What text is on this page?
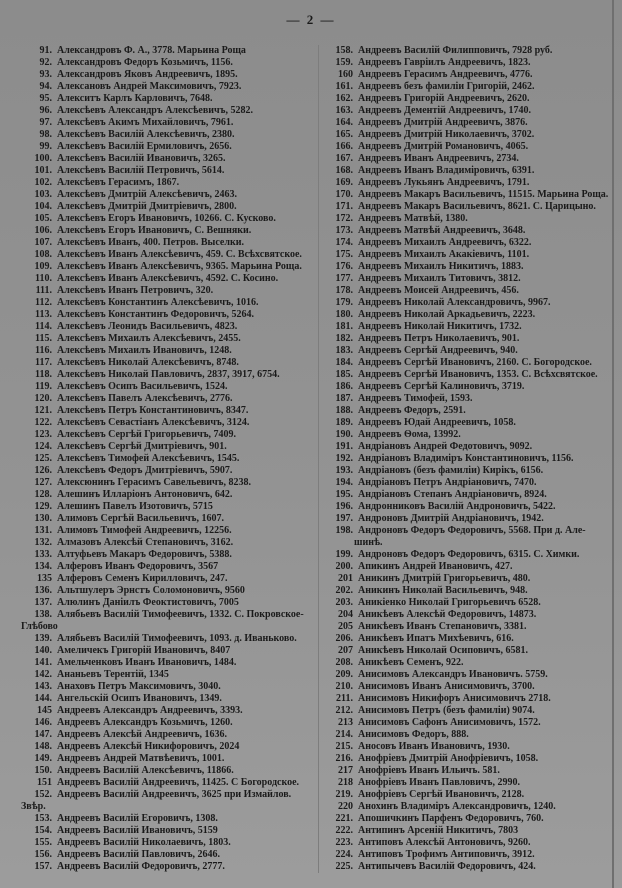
— 2 —
91. Александровъ Ф. А., 3778. Марьина Роща
92. Александровъ Федоръ Козьмичъ, 1156.
93. Александровъ Яковъ Андреевичъ, 1895.
94. Алексановъ Андрей Максимовичъ, 7923.
95. Алекситъ Карлъ Карловичъ, 7648.
96. Алексѣевъ Александръ Алексѣевичъ, 5282.
97. Алексѣевъ Акимъ Михайловичъ, 7961.
98. Алексѣевъ Василій Алексѣевичъ, 2380.
99. Алексѣевъ Василій Ермиловичъ, 2656.
100. Алексѣевъ Василій Ивановичъ, 3265.
101. Алексѣевъ Василій Петровичъ, 5614.
102. Алексѣевъ Герасимъ, 1867.
103. Алексѣевъ Дмитрій Алексѣевичъ, 2463.
104. Алексѣевъ Дмитрій Дмитріевичъ, 2800.
105. Алексѣевъ Егоръ Ивановичъ, 10266. С. Кусково.
106. Алексѣевъ Егоръ Ивановичъ, С. Вешняки.
107. Алексѣевъ Иванъ, 400. Петров. Выселки.
108. Алексѣевъ Иванъ Алексѣевичъ, 459. С. Всѣхсвятское.
109. Алексѣевъ Иванъ Алексѣевичъ, 9365. Марьина Роща.
110. Алексѣевъ Иванъ Алексѣевичъ, 4592. С. Косино.
111. Алексѣевъ Иванъ Петровичъ, 320.
112. Алексѣевъ Константинъ Алексѣевичъ, 1016.
113. Алексѣевъ Константинъ Федоровичъ, 5264.
114. Алексѣевъ Леонидъ Васильевичъ, 4823.
115. Алексѣевъ Михаилъ Алексѣевичъ, 2455.
116. Алексѣевъ Михаилъ Ивановичъ, 1248.
117. Алексѣевъ Николай Алексѣевичъ, 8748.
118. Алексѣевъ Николай Павловичъ, 2837, 3917, 6754.
119. Алексѣевъ Осипъ Васильевичъ, 1524.
120. Алексѣевъ Павелъ Алексѣевичъ, 2776.
121. Алексѣевъ Петръ Константиновичъ, 8347.
122. Алексѣевъ Севастіанъ Алексѣевичъ, 3124.
123. Алексѣевъ Сергѣй Григорьевичъ, 7409.
124. Алексѣевъ Сергѣй Дмитріевичъ, 901.
125. Алексѣевъ Тимофей Алексѣевичъ, 1545.
126. Алексѣевъ Федоръ Дмитріевичъ, 5907.
127. Алексюнинъ Герасимъ Савельевичъ, 8238.
128. Алешинъ Илларіонъ Антоновичъ, 642.
129. Алешинъ Павелъ Изотовичъ, 5715
130. Алимовъ Сергѣй Васильевичъ, 1607.
131. Алимовъ Тимофей Андреевичъ, 12256.
132. Алмазовъ Алексѣй Степановичъ, 3162.
133. Алтуфьевъ Макаръ Федоровичъ, 5388.
134. Алферовъ Иванъ Федоровичъ, 3567
135 Алферовъ Семенъ Кирилловичъ, 247.
136. Альтшулеръ Эрнстъ Соломоновичъ, 9560
137. Алюлинъ Даніилъ Феоктистовичъ, 7005
138. Алябьевъ Василій Тимофеевичъ, 1332. С. Покровское-
Глѣбово
139. Алябьевъ Василій Тимофеевичъ, 1093. д. Иваньково.
140. Амеличекъ Григорій Ивановичъ, 8407
141. Амельченковъ Иванъ Ивановичъ, 1484.
142. Ананьевъ Терентій, 1345
143. Анаховъ Петръ Максимовичъ, 3040.
144. Ангельскій Осипъ Ивановичъ, 1349.
145 Андреевъ Александръ Андреевичъ, 3393.
146. Андреевъ Александръ Козьмичъ, 1260.
147. Андреевъ Алексѣй Андреевичъ, 1636.
148. Андреевъ Алексѣй Никифоровичъ, 2024
149. Андреевъ Андрей Матвѣевичъ, 1001.
150. Андреевъ Василій Алексѣевичъ, 11866.
151 Андреевъ Василій Андреевичъ, 11425. С Богородское.
152. Андреевъ Василій Андреевичъ, 3625 при Измайлов.
Звѣр.
153. Андреевъ Василій Егоровичъ, 1308.
154. Андреевъ Василій Ивановичъ, 5159
155. Андреевъ Василій Николаевичъ, 1803.
156. Андреевъ Василій Павловичъ, 2646.
157. Андреевъ Василій Федоровичъ, 2777.
158. Андреевъ Василій Филипповичъ, 7928 руб.
159. Андреевъ Гавріилъ Андреевичъ, 1823.
160 Андреевъ Герасимъ Андреевичъ, 4776.
161. Андреевъ безъ фамиліи Григорій, 2462.
162. Андреевъ Григорій Андреевичъ, 2620.
163. Андреевъ Дементій Андреевичъ, 1740.
164. Андреевъ Дмитрій Андреевичъ, 3876.
165. Андреевъ Дмитрій Николаевичъ, 3702.
166. Андреевъ Дмитрій Романовичъ, 4065.
167. Андреевъ Иванъ Андреевичъ, 2734.
168. Андреевъ Иванъ Владиміровичъ, 6391.
169. Андреевъ Лукьянъ Андреевичъ, 1791.
170. Андреевъ Макаръ Васильевичъ, 11515. Марьина Роща.
171. Андреевъ Макаръ Васильевичъ, 8621. С. Царицыно.
172. Андреевъ Матвѣй, 1380.
173. Андреевъ Матвѣй Андреевичъ, 3648.
174. Андреевъ Михаилъ Андреевичъ, 6322.
175. Андреевъ Михаилъ Акакіевичъ, 1101.
176. Андреевъ Михаилъ Никитичъ, 1883.
177. Андреевъ Михаилъ Титовичъ, 3812.
178. Андреевъ Моисей Андреевичъ, 456.
179. Андреевъ Николай Александровичъ, 9967.
180. Андреевъ Николай Аркадьевичъ, 2223.
181. Андреевъ Николай Никитичъ, 1732.
182. Андреевъ Петръ Николаевичъ, 901.
183. Андреевъ Сергѣй Андреевичъ, 940.
184. Андреевъ Сергѣй Ивановичъ, 2160. С. Богородское.
185. Андреевъ Сергѣй Ивановичъ, 1353. С. Всѣхсвятское.
186. Андреевъ Сергѣй Калиновичъ, 3719.
187. Андреевъ Тимофей, 1593.
188. Андреевъ Федоръ, 2591.
189. Андреевъ Юдай Андреевичъ, 1058.
190. Андреевъ Ѳома, 13992.
191. Андріановъ Андрей Федотовичъ, 9092.
192. Андріановъ Владиміръ Константиновичъ, 1156.
193. Андріановъ (безъ фамиліи) Кирікъ, 6156.
194. Андріановъ Петръ Андріановичъ, 7470.
195. Андріановъ Степанъ Андріановичъ, 8924.
196. Андронниковъ Василій Андроновичъ, 5422.
197. Андроновъ Дмитрій Андріановичъ, 1942.
198. Андроновъ Федоръ Федоровичъ, 5568. При д. Але-
шинѣ.
199. Андроновъ Федоръ Федоровичъ, 6315. С. Химки.
200. Апикинъ Андрей Ивановичъ, 427.
201 Аникинъ Дмитрій Григорьевичъ, 480.
202. Аникинъ Николай Васильевичъ, 948.
203. Аникіенко Николай Григорьевичъ 6528.
204 Аникѣевъ Алексѣй Федоровичъ, 14873.
205 Аникѣевъ Иванъ Степановичъ, 3381.
206. Аникѣевъ Ипатъ Михѣевичъ, 616.
207 Аникѣевъ Николай Осиповичъ, 6581.
208. Аникѣевъ Семенъ, 922.
209. Анисимовъ Александръ Ивановичъ. 5759.
210. Анисимовъ Иванъ Анисимовичъ, 3700.
211. Анисимовъ Никифоръ Анисимовичъ 2718.
212. Анисимовъ Петръ (безъ фамиліи) 9074.
213 Анисимовъ Сафонъ Анисимовичъ, 1572.
214. Анисимовъ Федоръ, 888.
215. Аносовъ Иванъ Ивановичъ, 1930.
216. Анофріевъ Дмитрій Анофріевичъ, 1058.
217 Анофріевъ Иванъ Ильичъ. 581.
218 Анофріевъ Иванъ Павловичъ, 2990.
219. Анофріевъ Сергѣй Ивановичъ, 2128.
220 Анохинъ Владиміръ Александровичъ, 1240.
221. Апошичкинъ Парфенъ Федоровичъ, 760.
222. Антипинъ Арсеній Никитичъ, 7803
223. Антиповъ Алексѣй Антоновичъ, 9260.
224. Антиповъ Трофимъ Антиповичъ, 3912.
225. Антипычевъ Василій Федоровичъ, 424.
